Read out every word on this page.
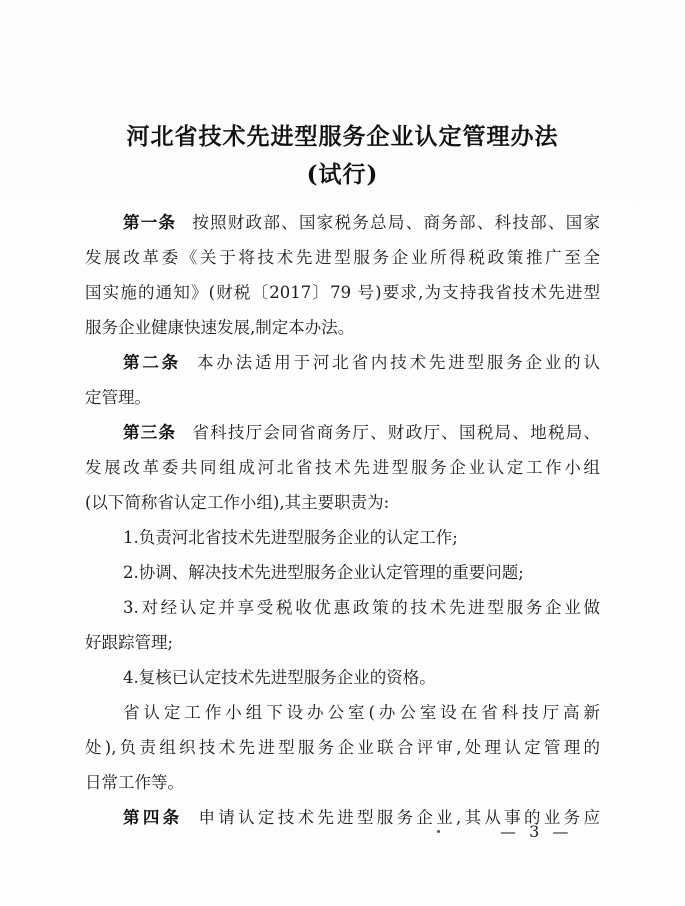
河北省技术先进型服务企业认定管理办法
(试行)
第一条 按照财政部、国家税务总局、商务部、科技部、国家
发展改革委《关于将技术先进型服务企业所得税政策推广至全
国实施的通知》(财税〔2017〕79 号)要求,为支持我省技术先进型
服务企业健康快速发展,制定本办法。
第二条 本办法适用于河北省内技术先进型服务企业的认
定管理。
第三条 省科技厅会同省商务厅、财政厅、国税局、地税局、
发展改革委共同组成河北省技术先进型服务企业认定工作小组
(以下简称省认定工作小组),其主要职责为:
1.负责河北省技术先进型服务企业的认定工作;
2.协调、解决技术先进型服务企业认定管理的重要问题;
3.对经认定并享受税收优惠政策的技术先进型服务企业做
好跟踪管理;
4.复核已认定技术先进型服务企业的资格。
省认定工作小组下设办公室(办公室设在省科技厅高新
处),负责组织技术先进型服务企业联合评审,处理认定管理的
日常工作等。
第四条 申请认定技术先进型服务企业,其从事的业务应
— 3 —
